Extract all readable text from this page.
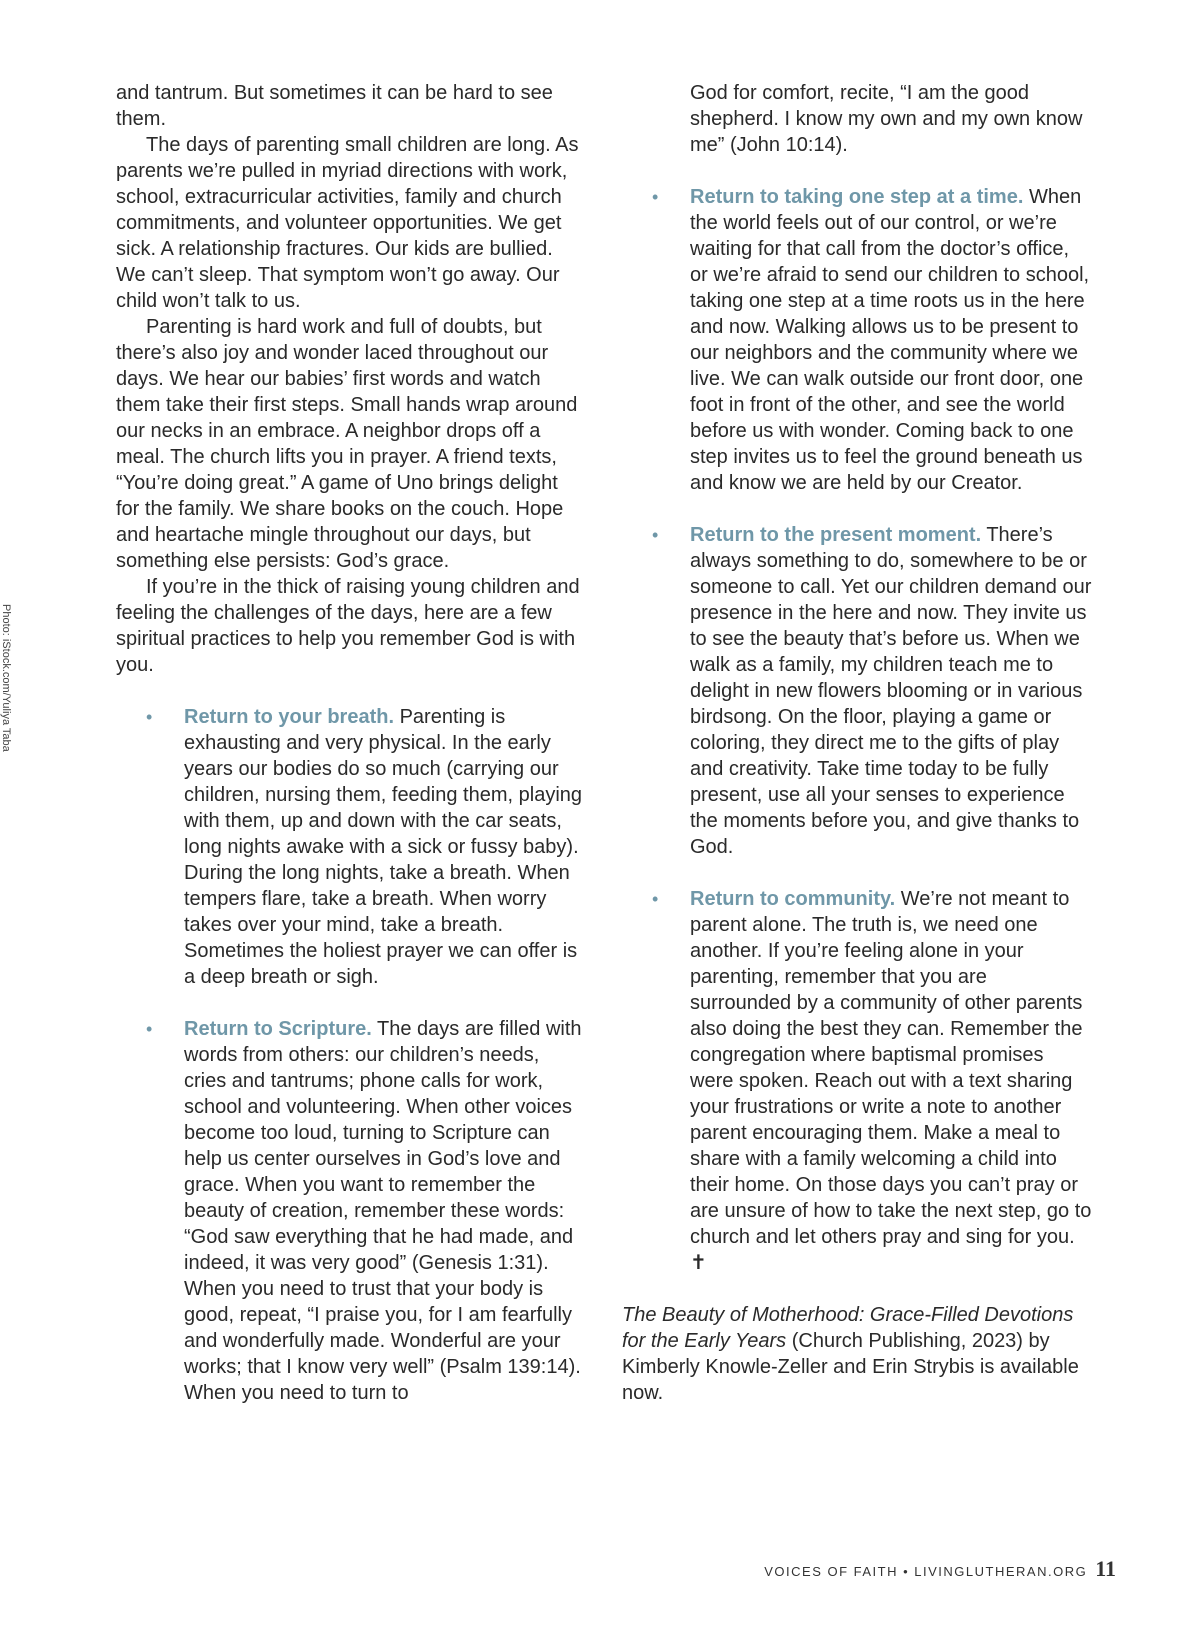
Photo: iStock.com/Yuliya Taba

and tantrum. But sometimes it can be hard to see them.

The days of parenting small children are long. As parents we’re pulled in myriad directions with work, school, extracurricular activities, family and church commitments, and volunteer opportunities. We get sick. A relationship fractures. Our kids are bullied. We can’t sleep. That symptom won’t go away. Our child won’t talk to us.

Parenting is hard work and full of doubts, but there’s also joy and wonder laced throughout our days. We hear our babies’ first words and watch them take their first steps. Small hands wrap around our necks in an embrace. A neighbor drops off a meal. The church lifts you in prayer. A friend texts, “You’re doing great.” A game of Uno brings delight for the family. We share books on the couch. Hope and heartache mingle throughout our days, but something else persists: God’s grace.

If you’re in the thick of raising young children and feeling the challenges of the days, here are a few spiritual practices to help you remember God is with you.

• Return to your breath. Parenting is exhausting and very physical. In the early years our bodies do so much (carrying our children, nursing them, feeding them, playing with them, up and down with the car seats, long nights awake with a sick or fussy baby). During the long nights, take a breath. When tempers flare, take a breath. When worry takes over your mind, take a breath. Sometimes the holiest prayer we can offer is a deep breath or sigh.
• Return to Scripture. The days are filled with words from others: our children’s needs, cries and tantrums; phone calls for work, school and volunteering. When other voices become too loud, turning to Scripture can help us center ourselves in God’s love and grace. When you want to remember the beauty of creation, remember these words: “God saw everything that he had made, and indeed, it was very good” (Genesis 1:31). When you need to trust that your body is good, repeat, “I praise you, for I am fearfully and wonderfully made. Wonderful are your works; that I know very well” (Psalm 139:14). When you need to turn to

God for comfort, recite, “I am the good shepherd. I know my own and my own know me” (John 10:14).

• Return to taking one step at a time. When the world feels out of our control, or we’re waiting for that call from the doctor’s office, or we’re afraid to send our children to school, taking one step at a time roots us in the here and now. Walking allows us to be present to our neighbors and the community where we live. We can walk outside our front door, one foot in front of the other, and see the world before us with wonder. Coming back to one step invites us to feel the ground beneath us and know we are held by our Creator.
• Return to the present moment. There’s always something to do, somewhere to be or someone to call. Yet our children demand our presence in the here and now. They invite us to see the beauty that’s before us. When we walk as a family, my children teach me to delight in new flowers blooming or in various birdsong. On the floor, playing a game or coloring, they direct me to the gifts of play and creativity. Take time today to be fully present, use all your senses to experience the moments before you, and give thanks to God.
• Return to community. We’re not meant to parent alone. The truth is, we need one another. If you’re feeling alone in your parenting, remember that you are surrounded by a community of other parents also doing the best they can. Remember the congregation where baptismal promises were spoken. Reach out with a text sharing your frustrations or write a note to another parent encouraging them. Make a meal to share with a family welcoming a child into their home. On those days you can’t pray or are unsure of how to take the next step, go to church and let others pray and sing for you. ✝

The Beauty of Motherhood: Grace-Filled Devotions for the Early Years (Church Publishing, 2023) by Kimberly Knowle-Zeller and Erin Strybis is available now.

VOICES OF FAITH • LIVINGLUTHERAN.ORG 11
